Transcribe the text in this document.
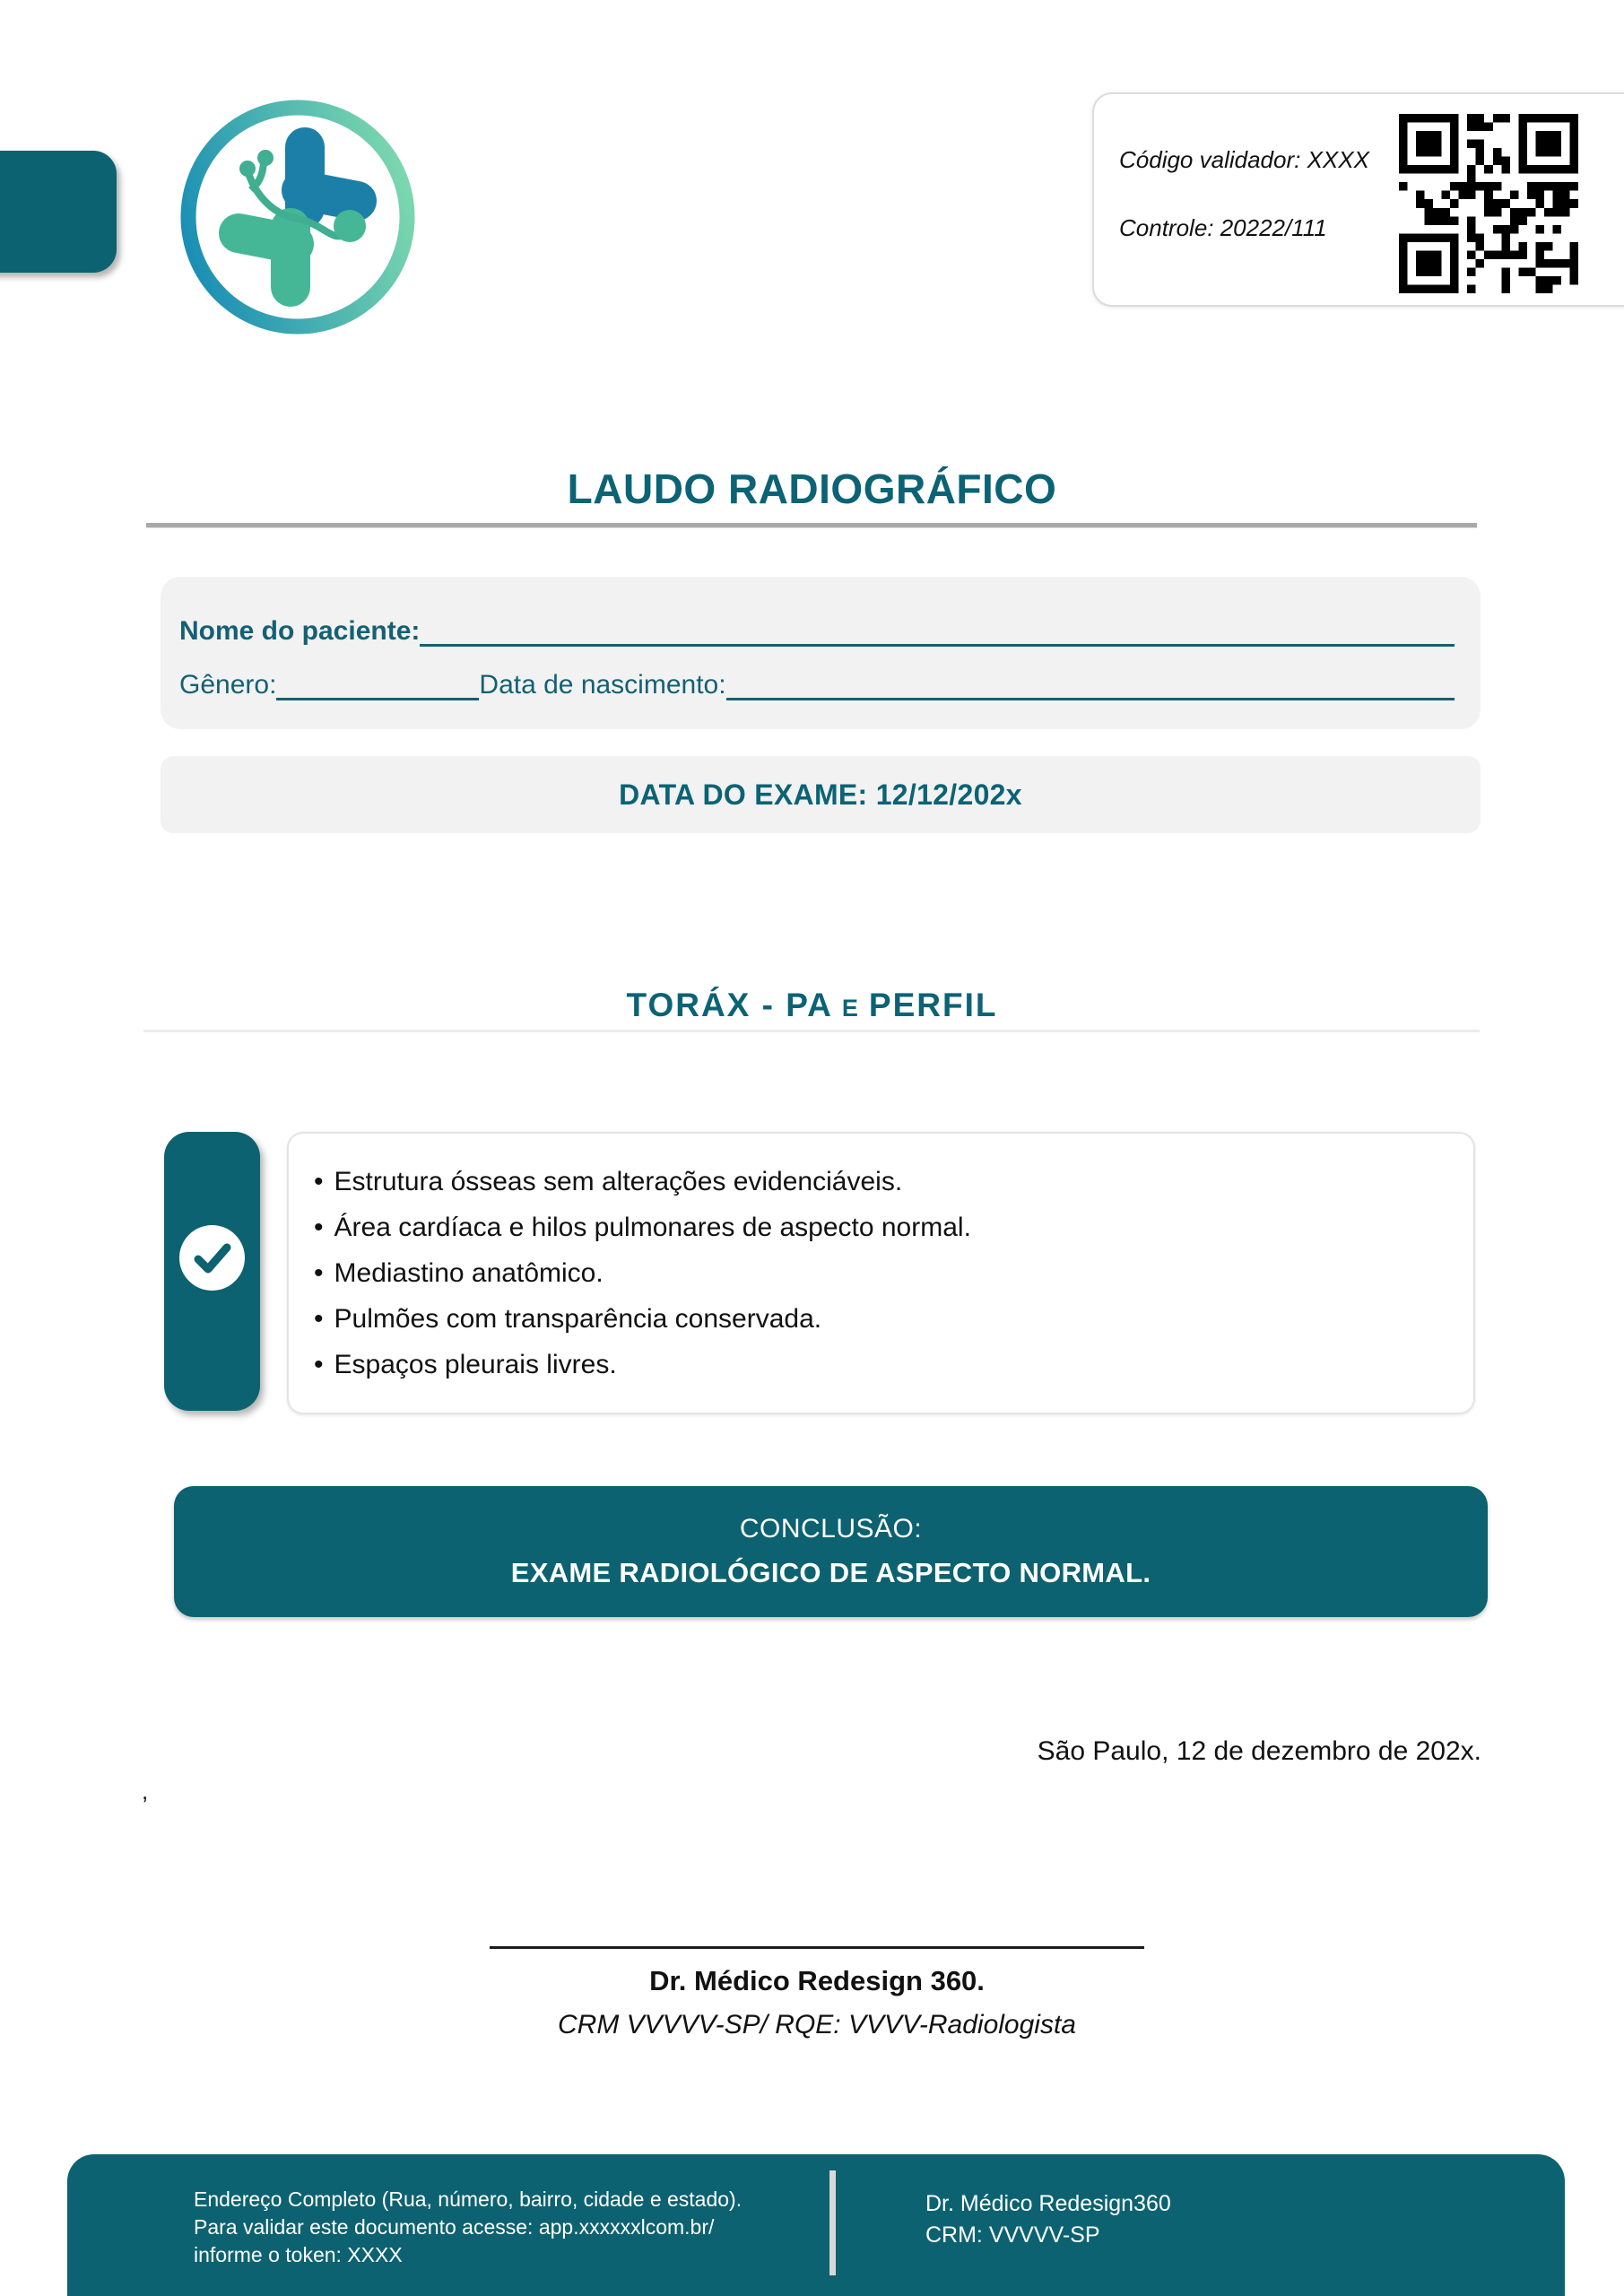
Código validador: XXXX
Controle: 20222/111
LAUDO RADIOGRÁFICO
Nome do paciente:
Gênero:	Data de nascimento:
DATA DO EXAME: 12/12/202x
TORÁX - PA E PERFIL
• Estrutura ósseas sem alterações evidenciáveis.
• Área cardíaca e hilos pulmonares de aspecto normal.
• Mediastino anatômico.
• Pulmões com transparência conservada.
• Espaços pleurais livres.
CONCLUSÃO:
EXAME RADIOLÓGICO DE ASPECTO NORMAL.
São Paulo, 12 de dezembro de 202x.
,
Dr. Médico Redesign 360.
CRM VVVVV-SP/ RQE: VVVV-Radiologista
Endereço Completo (Rua, número, bairro, cidade e estado).
Para validar este documento acesse: app.xxxxxxlcom.br/
informe o token: XXXX
Dr. Médico Redesign360
CRM: VVVVV-SP
